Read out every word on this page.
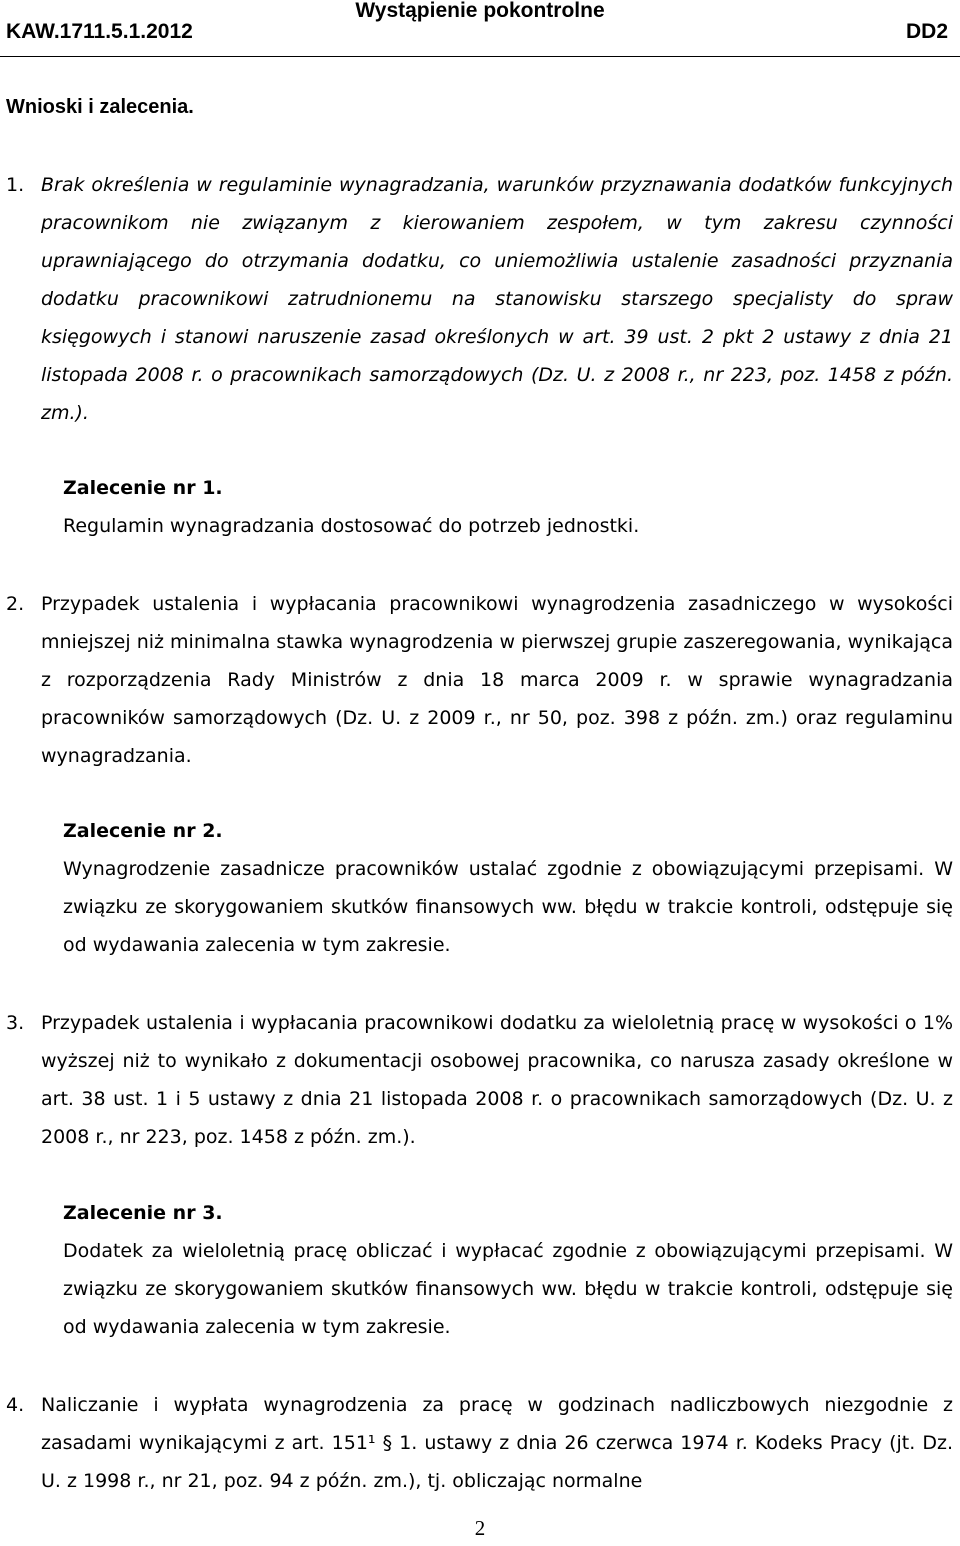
KAW.1711.5.1.2012
Wystąpienie pokontrolne
DD2
Wnioski i zalecenia.
1. Brak określenia w regulaminie wynagradzania, warunków przyznawania dodatków funkcyjnych pracownikom nie związanym z kierowaniem zespołem, w tym zakresu czynności uprawniającego do otrzymania dodatku, co uniemożliwia ustalenie zasadności przyznania dodatku pracownikowi zatrudnionemu na stanowisku starszego specjalisty do spraw księgowych i stanowi naruszenie zasad określonych w art. 39 ust. 2 pkt 2 ustawy z dnia 21 listopada 2008 r. o pracownikach samorządowych (Dz. U. z 2008 r., nr 223, poz. 1458 z późn. zm.).
Zalecenie nr 1.
Regulamin wynagradzania dostosować do potrzeb jednostki.
2. Przypadek ustalenia i wypłacania pracownikowi wynagrodzenia zasadniczego w wysokości mniejszej niż minimalna stawka wynagrodzenia w pierwszej grupie zaszeregowania, wynikająca z rozporządzenia Rady Ministrów z dnia 18 marca 2009 r. w sprawie wynagradzania pracowników samorządowych (Dz. U. z 2009 r., nr 50, poz. 398 z późn. zm.) oraz regulaminu wynagradzania.
Zalecenie nr 2.
Wynagrodzenie zasadnicze pracowników ustalać zgodnie z obowiązującymi przepisami. W związku ze skorygowaniem skutków finansowych ww. błędu w trakcie kontroli, odstępuje się od wydawania zalecenia w tym zakresie.
3. Przypadek ustalenia i wypłacania pracownikowi dodatku za wieloletnią pracę w wysokości o 1% wyższej niż to wynikało z dokumentacji osobowej pracownika, co narusza zasady określone w art. 38 ust. 1 i 5 ustawy z dnia 21 listopada 2008 r. o pracownikach samorządowych (Dz. U. z 2008 r., nr 223, poz. 1458 z późn. zm.).
Zalecenie nr 3.
Dodatek za wieloletnią pracę obliczać i wypłacać zgodnie z obowiązującymi przepisami. W związku ze skorygowaniem skutków finansowych ww. błędu w trakcie kontroli, odstępuje się od wydawania zalecenia w tym zakresie.
4. Naliczanie i wypłata wynagrodzenia za pracę w godzinach nadliczbowych niezgodnie z zasadami wynikającymi z art. 151¹ § 1. ustawy z dnia 26 czerwca 1974 r. Kodeks Pracy (jt. Dz. U. z 1998 r., nr 21, poz. 94 z późn. zm.), tj. obliczając normalne
2
